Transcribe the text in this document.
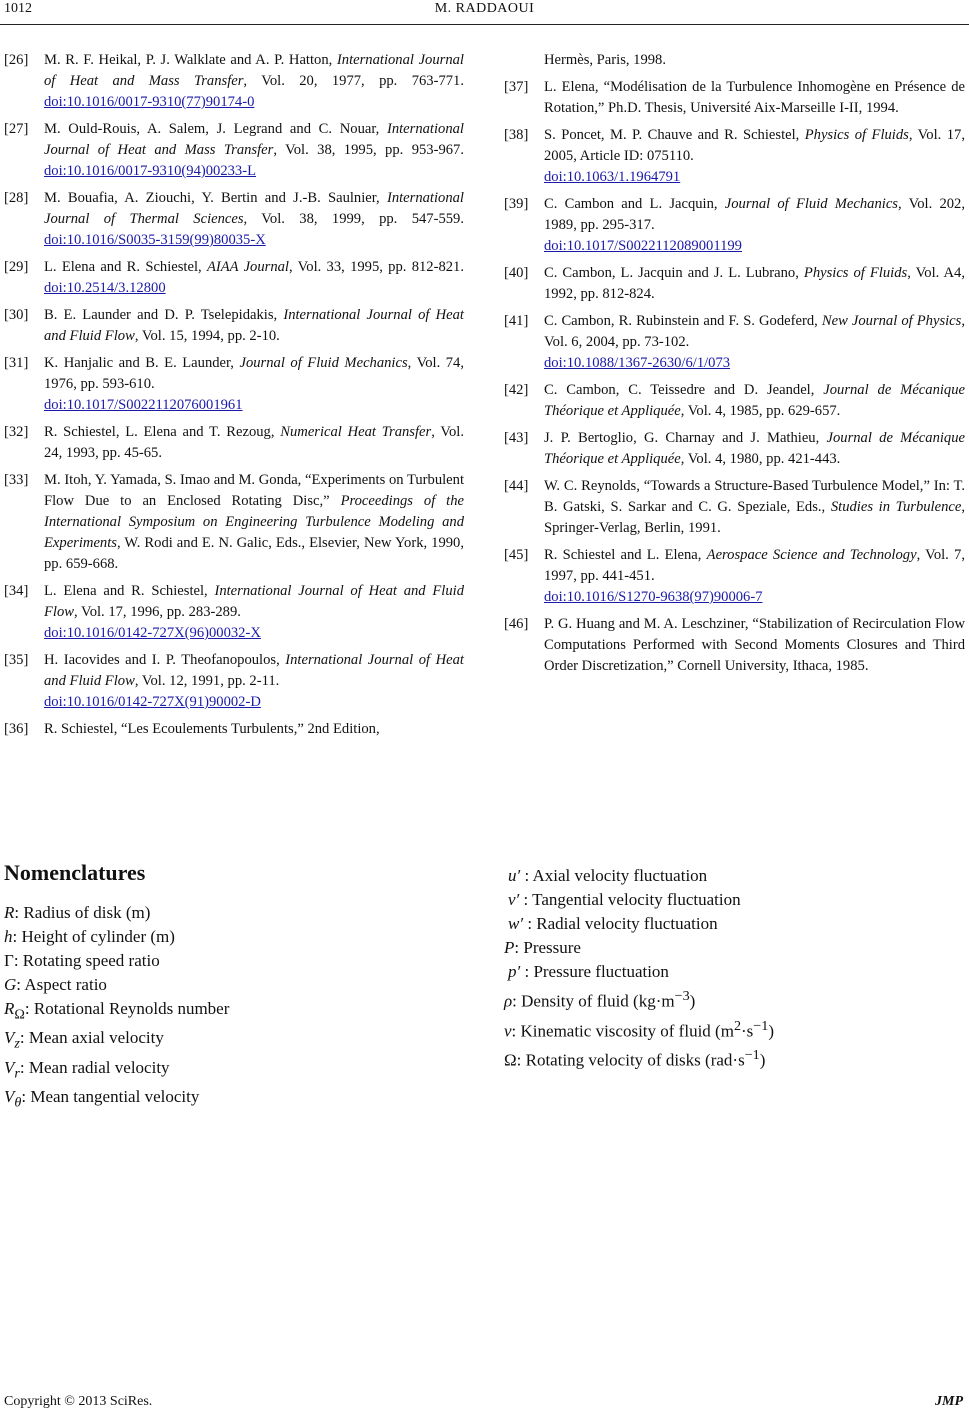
1012	M. RADDAOUI
[26]	M. R. F. Heikal, P. J. Walklate and A. P. Hatton, International Journal of Heat and Mass Transfer, Vol. 20, 1977, pp. 763-771. doi:10.1016/0017-9310(77)90174-0
[27]	M. Ould-Rouis, A. Salem, J. Legrand and C. Nouar, International Journal of Heat and Mass Transfer, Vol. 38, 1995, pp. 953-967. doi:10.1016/0017-9310(94)00233-L
[28]	M. Bouafia, A. Ziouchi, Y. Bertin and J.-B. Saulnier, International Journal of Thermal Sciences, Vol. 38, 1999, pp. 547-559. doi:10.1016/S0035-3159(99)80035-X
[29]	L. Elena and R. Schiestel, AIAA Journal, Vol. 33, 1995, pp. 812-821. doi:10.2514/3.12800
[30]	B. E. Launder and D. P. Tselepidakis, International Journal of Heat and Fluid Flow, Vol. 15, 1994, pp. 2-10.
[31]	K. Hanjalic and B. E. Launder, Journal of Fluid Mechanics, Vol. 74, 1976, pp. 593-610.
doi:10.1017/S0022112076001961
[32]	R. Schiestel, L. Elena and T. Rezoug, Numerical Heat Transfer, Vol. 24, 1993, pp. 45-65.
[33]	M. Itoh, Y. Yamada, S. Imao and M. Gonda, “Experiments on Turbulent Flow Due to an Enclosed Rotating Disc,” Proceedings of the International Symposium on Engineering Turbulence Modeling and Experiments, W. Rodi and E. N. Galic, Eds., Elsevier, New York, 1990, pp. 659-668.
[34]	L. Elena and R. Schiestel, International Journal of Heat and Fluid Flow, Vol. 17, 1996, pp. 283-289.
doi:10.1016/0142-727X(96)00032-X
[35]	H. Iacovides and I. P. Theofanopoulos, International Journal of Heat and Fluid Flow, Vol. 12, 1991, pp. 2-11.
doi:10.1016/0142-727X(91)90002-D
[36]	R. Schiestel, “Les Ecoulements Turbulents,” 2nd Edition,
Hermès, Paris, 1998.
[37]	L. Elena, “Modélisation de la Turbulence Inhomogène en Présence de Rotation,” Ph.D. Thesis, Université Aix-Marseille I-II, 1994.
[38]	S. Poncet, M. P. Chauve and R. Schiestel, Physics of Fluids, Vol. 17, 2005, Article ID: 075110.
doi:10.1063/1.1964791
[39]	C. Cambon and L. Jacquin, Journal of Fluid Mechanics, Vol. 202, 1989, pp. 295-317.
doi:10.1017/S0022112089001199
[40]	C. Cambon, L. Jacquin and J. L. Lubrano, Physics of Fluids, Vol. A4, 1992, pp. 812-824.
[41]	C. Cambon, R. Rubinstein and F. S. Godeferd, New Journal of Physics, Vol. 6, 2004, pp. 73-102.
doi:10.1088/1367-2630/6/1/073
[42]	C. Cambon, C. Teissedre and D. Jeandel, Journal de Mécanique Théorique et Appliquée, Vol. 4, 1985, pp. 629-657.
[43]	J. P. Bertoglio, G. Charnay and J. Mathieu, Journal de Mécanique Théorique et Appliquée, Vol. 4, 1980, pp. 421-443.
[44]	W. C. Reynolds, “Towards a Structure-Based Turbulence Model,” In: T. B. Gatski, S. Sarkar and C. G. Speziale, Eds., Studies in Turbulence, Springer-Verlag, Berlin, 1991.
[45]	R. Schiestel and L. Elena, Aerospace Science and Technology, Vol. 7, 1997, pp. 441-451.
doi:10.1016/S1270-9638(97)90006-7
[46]	P. G. Huang and M. A. Leschziner, “Stabilization of Recirculation Flow Computations Performed with Second Moments Closures and Third Order Discretization,” Cornell University, Ithaca, 1985.
Nomenclatures
R: Radius of disk (m)
h: Height of cylinder (m)
Γ: Rotating speed ratio
G: Aspect ratio
$R_\Omega$: Rotational Reynolds number
$V_z$: Mean axial velocity
$V_r$: Mean radial velocity
$V_\theta$: Mean tangential velocity
u′ : Axial velocity fluctuation
v′ : Tangential velocity fluctuation
w′ : Radial velocity fluctuation
P: Pressure
p′ : Pressure fluctuation
ρ: Density of fluid $(kg\cdot m^{-3})$
ν: Kinematic viscosity of fluid $(m^2\cdot s^{-1})$
Ω: Rotating velocity of disks $(rad\cdot s^{-1})$
Copyright © 2013 SciRes.	JMP
